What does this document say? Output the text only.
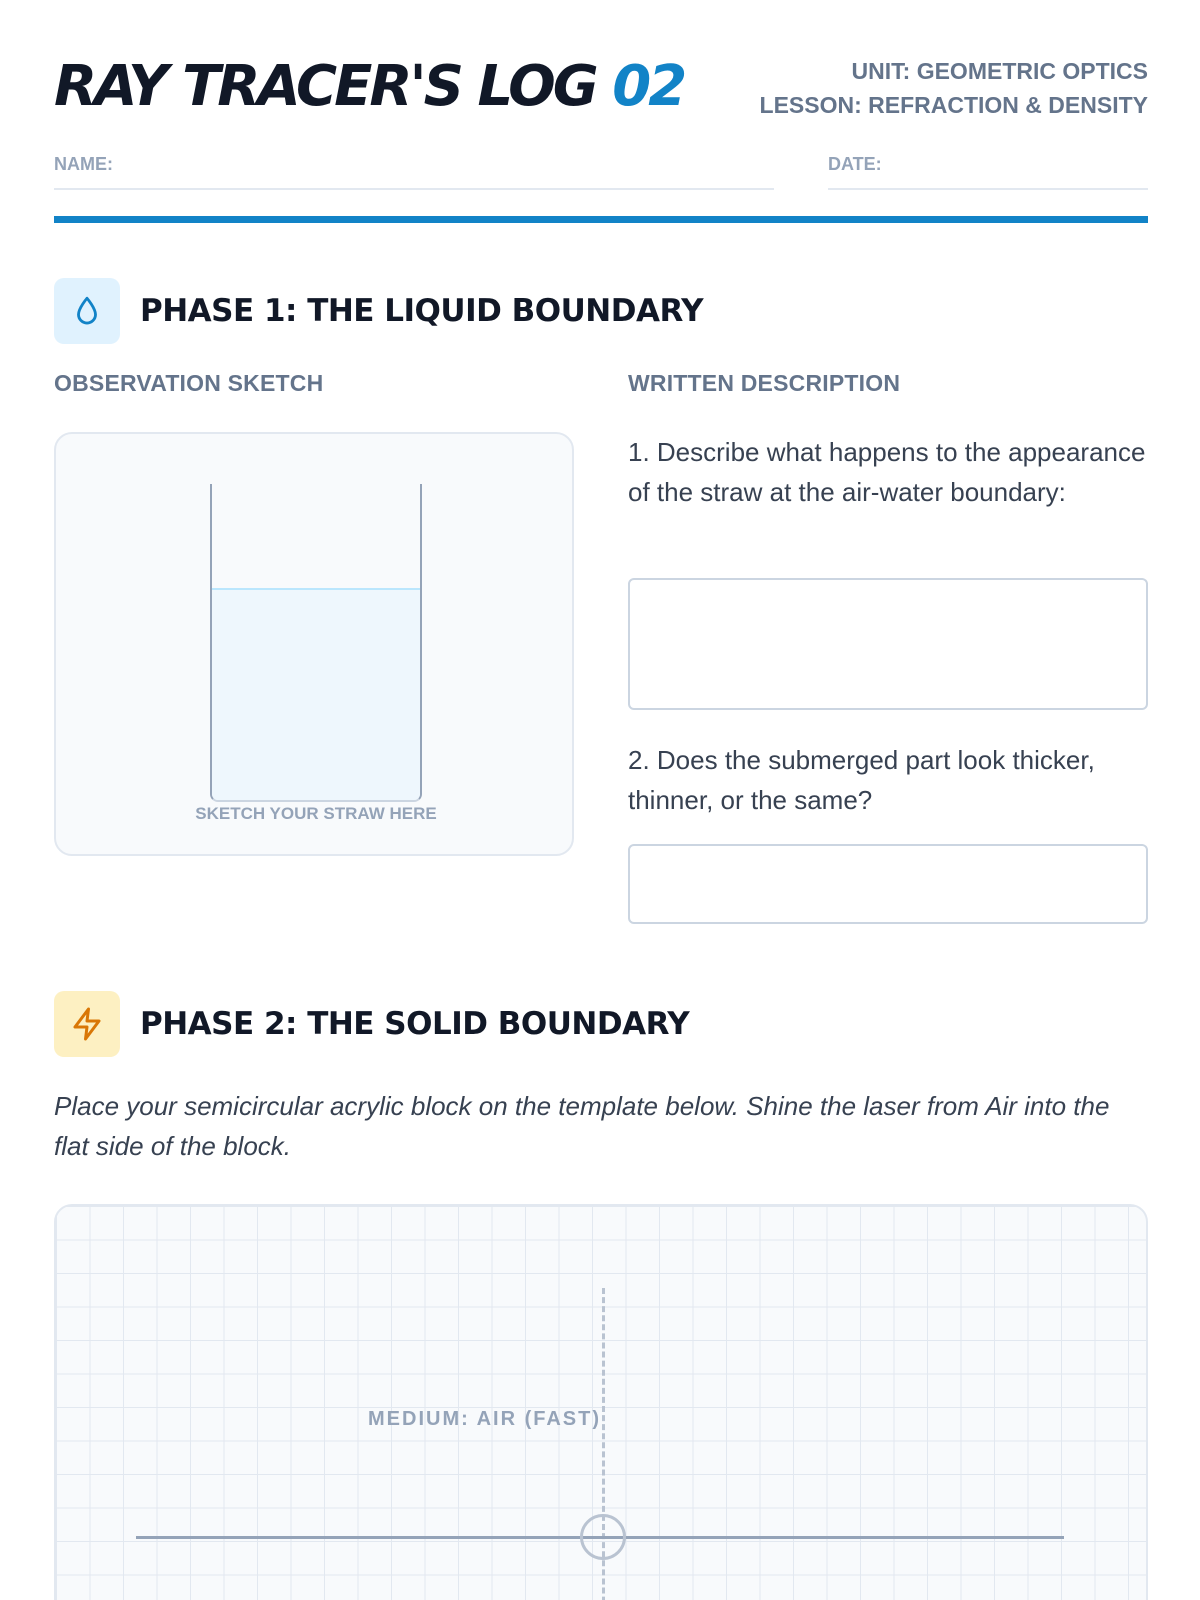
RAY TRACER'S LOG 02	UNIT: GEOMETRIC OPTICS
LESSON: REFRACTION & DENSITY
NAME:	DATE:
PHASE 1: THE LIQUID BOUNDARY
OBSERVATION SKETCH	WRITTEN DESCRIPTION
SKETCH YOUR STRAW HERE
1. Describe what happens to the appearance of the straw at the air-water boundary:
2. Does the submerged part look thicker, thinner, or the same?
PHASE 2: THE SOLID BOUNDARY
Place your semicircular acrylic block on the template below. Shine the laser from Air into the flat side of the block.
MEDIUM: AIR (FAST)
